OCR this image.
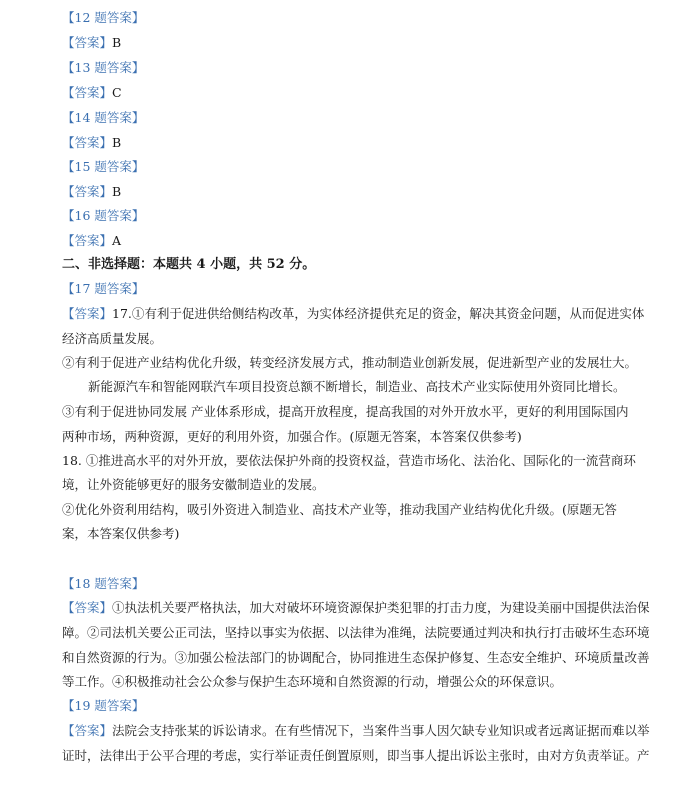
【12 题答案】
【答案】B
【13 题答案】
【答案】C
【14 题答案】
【答案】B
【15 题答案】
【答案】B
【16 题答案】
【答案】A
二、非选择题：本题共 4 小题，共 52 分。
【17 题答案】
【答案】17.①有利于促进供给侧结构改革，为实体经济提供充足的资金，解决其资金问题，从而促进实体
经济高质量发展。
②有利于促进产业结构优化升级，转变经济发展方式，推动制造业创新发展，促进新型产业的发展壮大。
新能源汽车和智能网联汽车项目投资总额不断增长，制造业、高技术产业实际使用外资同比增长。
③有利于促进协同发展 产业体系形成，提高开放程度，提高我国的对外开放水平，更好的利用国际国内
两种市场，两种资源，更好的利用外资，加强合作。(原题无答案，本答案仅供参考)
18. ①推进高水平的对外开放，要依法保护外商的投资权益，营造市场化、法治化、国际化的一流营商环
境，让外资能够更好的服务安徽制造业的发展。
②优化外资利用结构，吸引外资进入制造业、高技术产业等，推动我国产业结构优化升级。(原题无答
案，本答案仅供参考)
【18 题答案】
【答案】①执法机关要严格执法，加大对破坏环境资源保护类犯罪的打击力度，为建设美丽中国提供法治保
障。②司法机关要公正司法，坚持以事实为依据、以法律为准绳，法院要通过判决和执行打击破坏生态环境
和自然资源的行为。③加强公检法部门的协调配合，协同推进生态保护修复、生态安全维护、环境质量改善
等工作。④积极推动社会公众参与保护生态环境和自然资源的行动，增强公众的环保意识。
【19 题答案】
【答案】法院会支持张某的诉讼请求。在有些情况下，当案件当事人因欠缺专业知识或者远离证据而难以举
证时，法律出于公平合理的考虑，实行举证责任倒置原则，即当事人提出诉讼主张时，由对方负责举证。产
